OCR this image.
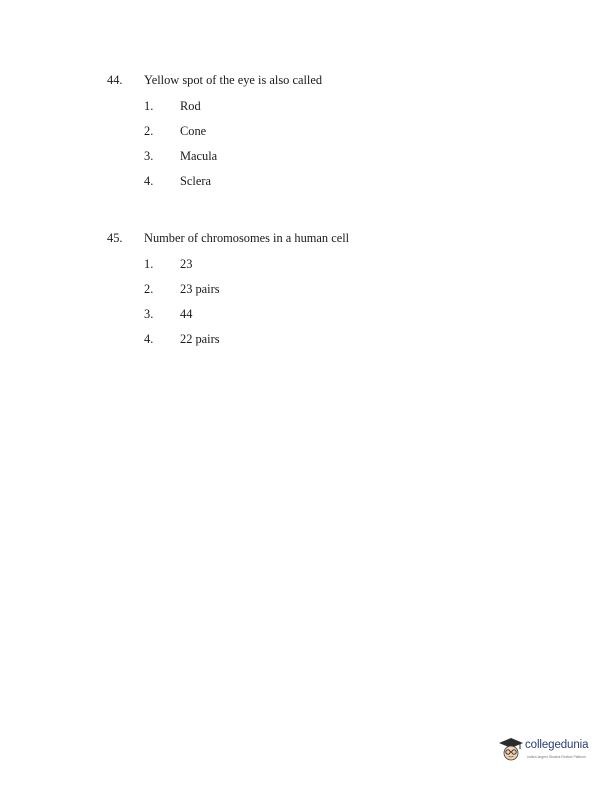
44. Yellow spot of the eye is also called
1. Rod
2. Cone
3. Macula
4. Sclera
45. Number of chromosomes in a human cell
1. 23
2. 23 pairs
3. 44
4. 22 pairs
collegedunia
India's largest Student Review Platform
